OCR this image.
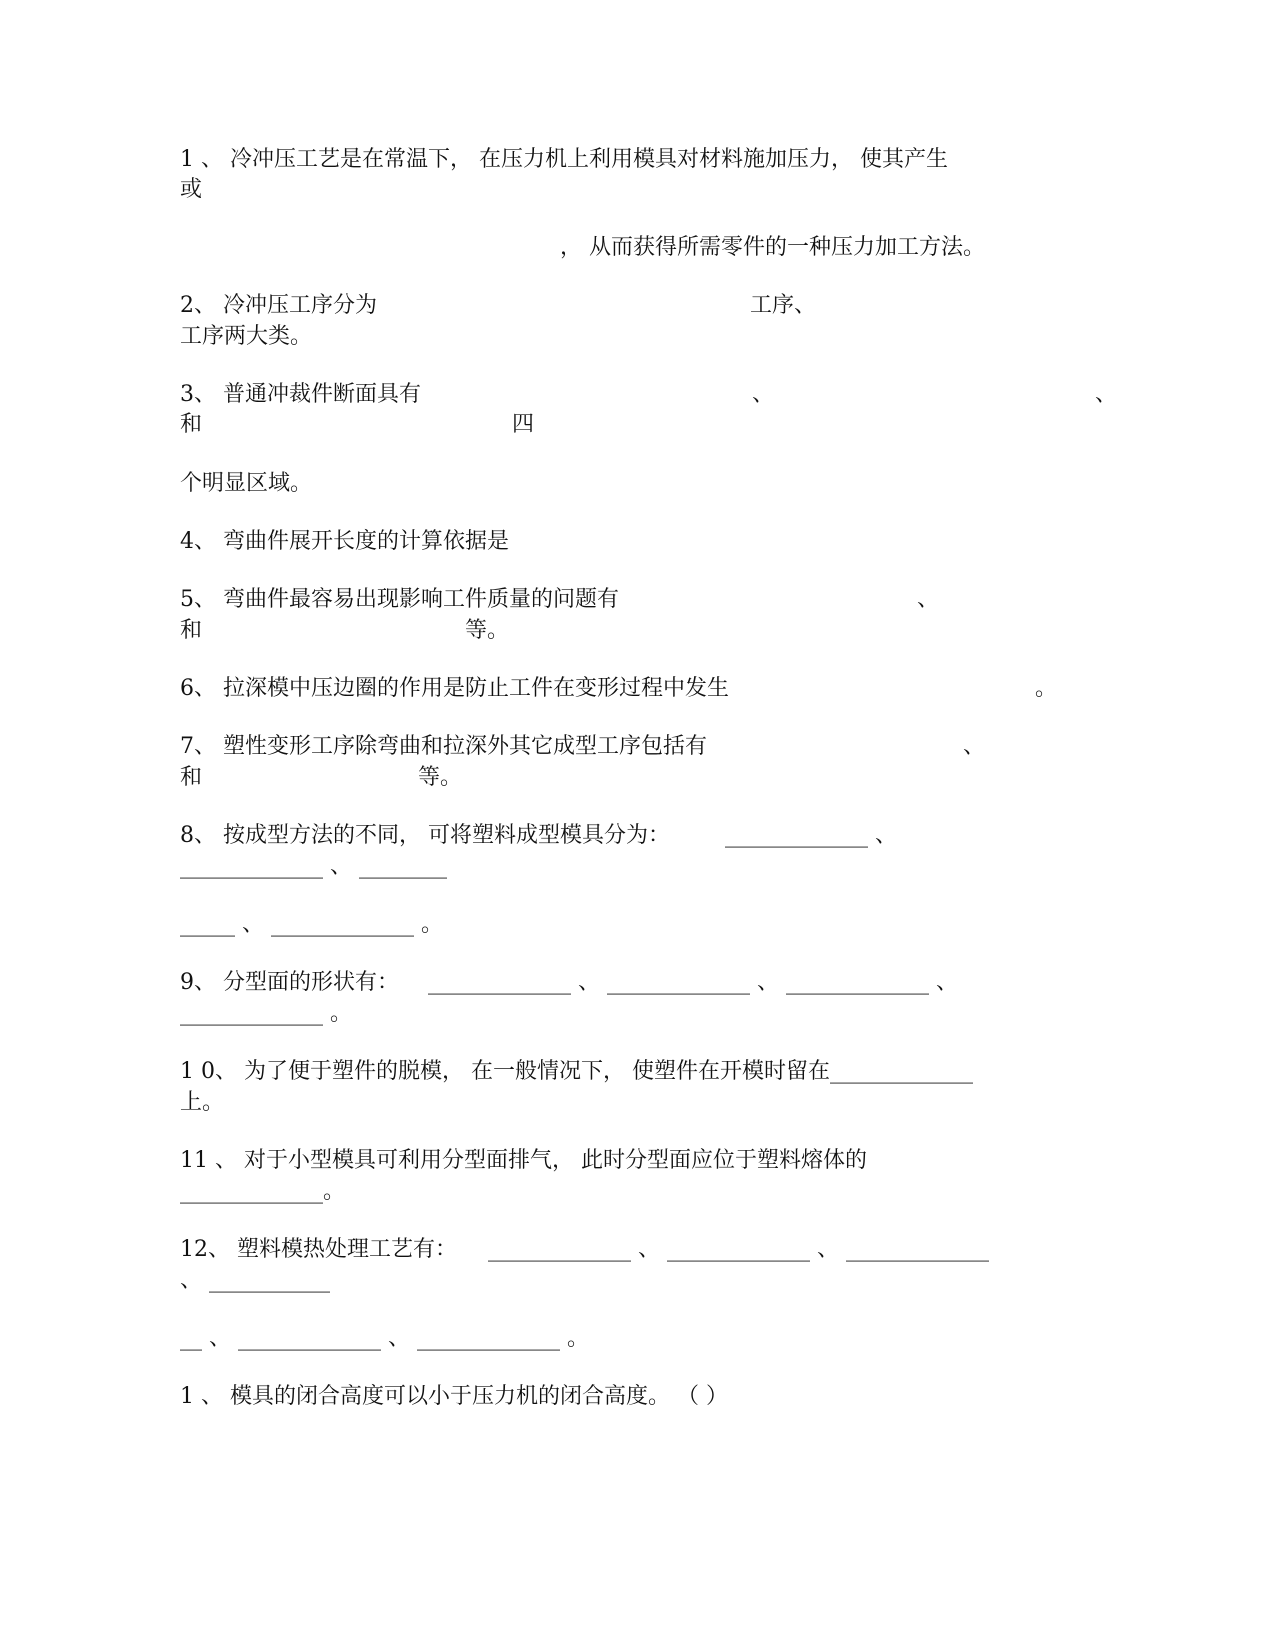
1 、 冷冲压工艺是在常温下， 在压力机上利用模具对材料施加压力， 使其产生
或
， 从而获得所需零件的一种压力加工方法。
2、 冷冲压工序分为	工序、
工序两大类。
3、 普通冲裁件断面具有	、	、
和	四
个明显区域。
4、 弯曲件展开长度的计算依据是
5、 弯曲件最容易出现影响工件质量的问题有	、
和	等。
6、 拉深模中压边圈的作用是防止工件在变形过程中发生	。
7、 塑性变形工序除弯曲和拉深外其它成型工序包括有	、
和	等。
8、 按成型方法的不同， 可将塑料成型模具分为：	_____________ 、
_____________ 、 ________
_____ 、 _____________ 。
9、 分型面的形状有： _____________ 、 _____________ 、 _____________ 、
_____________ 。
1 0、 为了便于塑件的脱模， 在一般情况下， 使塑件在开模时留在_____________
上。
11 、 对于小型模具可利用分型面排气， 此时分型面应位于塑料熔体的
_____________。
12、 塑料模热处理工艺有： _____________ 、 _____________ 、 _____________
、 ___________
__ 、 _____________ 、 _____________ 。
1 、 模具的闭合高度可以小于压力机的闭合高度。 （ ）
